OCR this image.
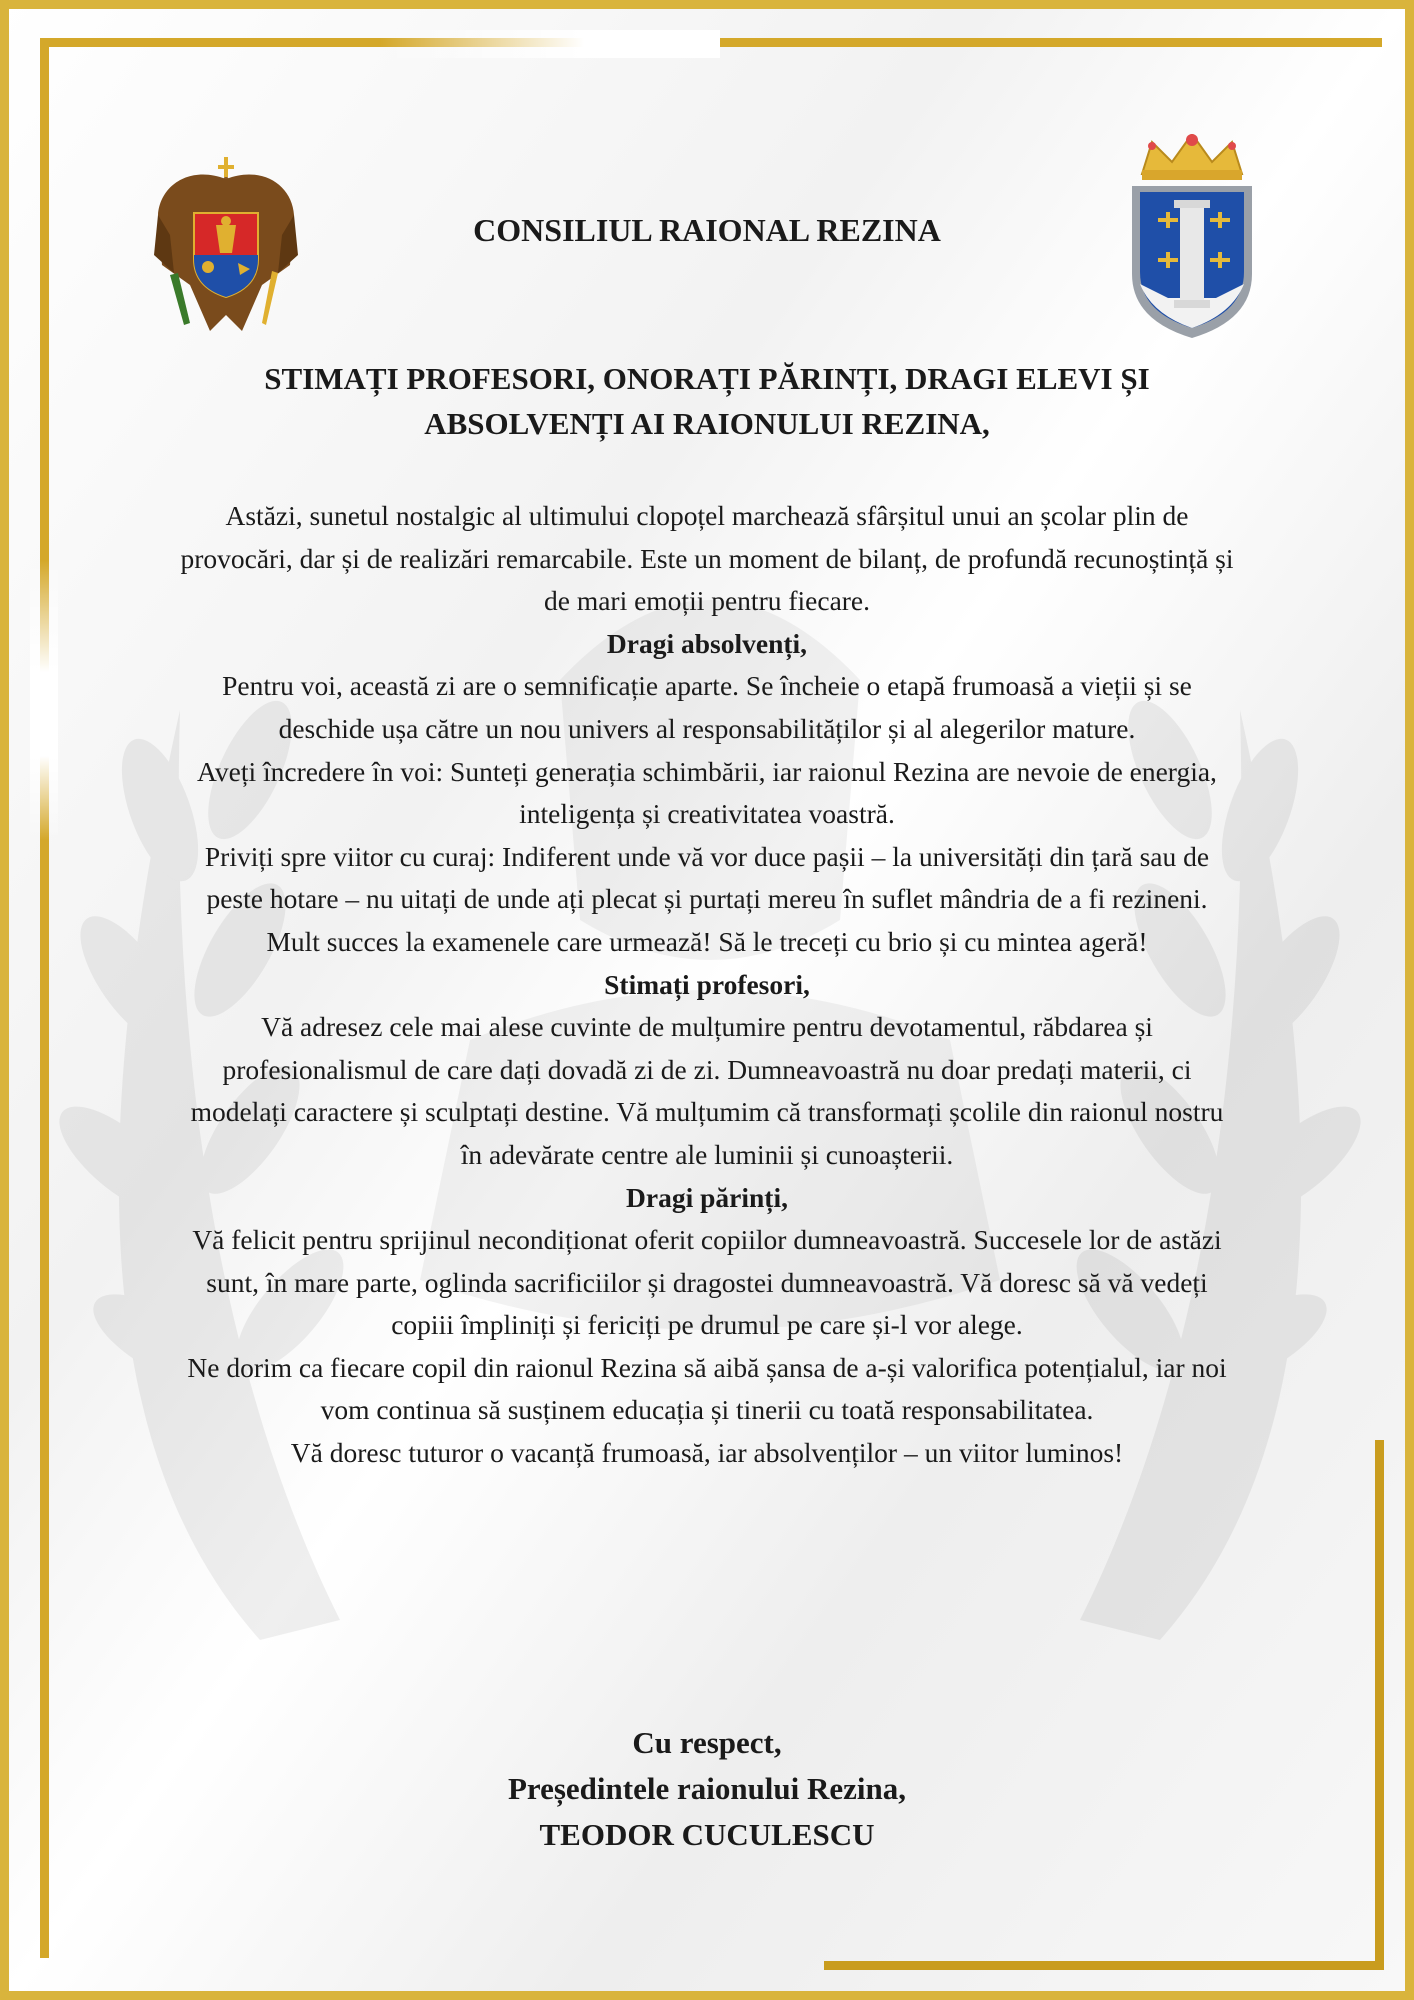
CONSILIUL RAIONAL REZINA
STIMAȚI PROFESORI, ONORAȚI PĂRINȚI, DRAGI ELEVI ȘI ABSOLVENȚI AI RAIONULUI REZINA,

Astăzi, sunetul nostalgic al ultimului clopoțel marchează sfârșitul unui an școlar plin de provocări, dar și de realizări remarcabile. Este un moment de bilanț, de profundă recunoștință și de mari emoții pentru fiecare.

Dragi absolvenți,

Pentru voi, această zi are o semnificație aparte. Se încheie o etapă frumoasă a vieții și se deschide ușa către un nou univers al responsabilităților și al alegerilor mature.

Aveți încredere în voi: Sunteți generația schimbării, iar raionul Rezina are nevoie de energia, inteligența și creativitatea voastră.

Priviți spre viitor cu curaj: Indiferent unde vă vor duce pașii – la universități din țară sau de peste hotare – nu uitați de unde ați plecat și purtați mereu în suflet mândria de a fi rezineni.

Mult succes la examenele care urmează! Să le treceți cu brio și cu mintea ageră!

Stimați profesori,

Vă adresez cele mai alese cuvinte de mulțumire pentru devotamentul, răbdarea și profesionalismul de care dați dovadă zi de zi. Dumneavoastră nu doar predați materii, ci modelați caractere și sculptați destine. Vă mulțumim că transformați școlile din raionul nostru în adevărate centre ale luminii și cunoașterii.

Dragi părinți,

Vă felicit pentru sprijinul necondiționat oferit copiilor dumneavoastră. Succesele lor de astăzi sunt, în mare parte, oglinda sacrificiilor și dragostei dumneavoastră. Vă doresc să vă vedeți copiii împliniți și fericiți pe drumul pe care și-l vor alege.

Ne dorim ca fiecare copil din raionul Rezina să aibă șansa de a-și valorifica potențialul, iar noi vom continua să susținem educația și tinerii cu toată responsabilitatea.

Vă doresc tuturor o vacanță frumoasă, iar absolvenților – un viitor luminos!

Cu respect,
Președintele raionului Rezina,
TEODOR CUCULESCU
